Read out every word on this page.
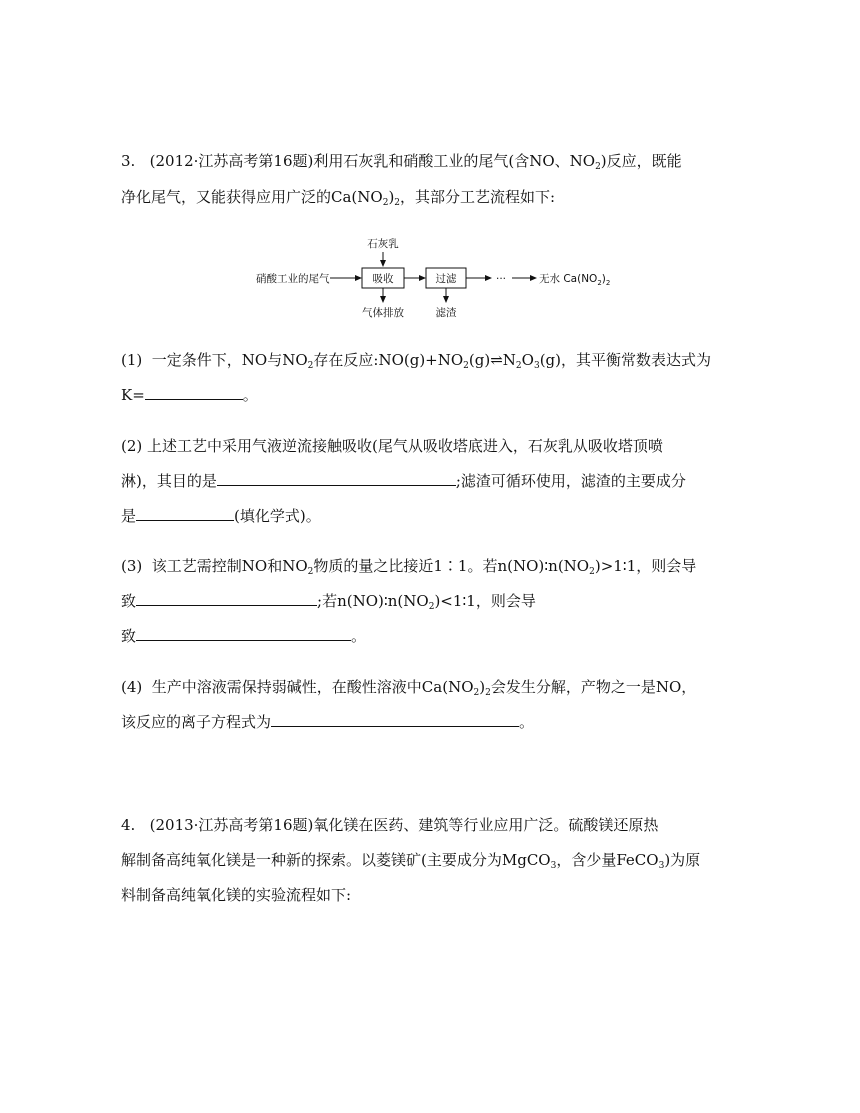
3. (2012·江苏高考第16题)利用石灰乳和硝酸工业的尾气(含NO、$NO_2$)反应，既能
净化尾气，又能获得应用广泛的$Ca(NO_2)_2$，其部分工艺流程如下:
石灰乳
硝酸工业的尾气	吸收	过滤	···	无水 $Ca(NO_2)_2$
气体排放	滤渣
(1) 一定条件下，NO与$NO_2$存在反应$:NO(g)+NO_2(g)\rightleftharpoons N_2O_3(g)$，其平衡常数表达式为
K=	。
(2) 上述工艺中采用气液逆流接触吸收(尾气从吸收塔底进入，石灰乳从吸收塔顶喷
淋)，其目的是	;滤渣可循环使用，滤渣的主要成分
是	(填化学式)。
(3) 该工艺需控制NO和$NO_2$物质的量之比接近1∶1。若$n(NO)∶n(NO_2)>1∶1$，则会导
致	;若$n(NO)∶n(NO_2)<1∶1$，则会导
致	。
(4) 生产中溶液需保持弱碱性，在酸性溶液中$Ca(NO_2)_2$会发生分解，产物之一是NO，
该反应的离子方程式为	。
4. (2013·江苏高考第16题)氧化镁在医药、建筑等行业应用广泛。硫酸镁还原热
解制备高纯氧化镁是一种新的探索。以菱镁矿(主要成分为MgCO$_3$，含少量FeCO$_3$)为原
料制备高纯氧化镁的实验流程如下:
